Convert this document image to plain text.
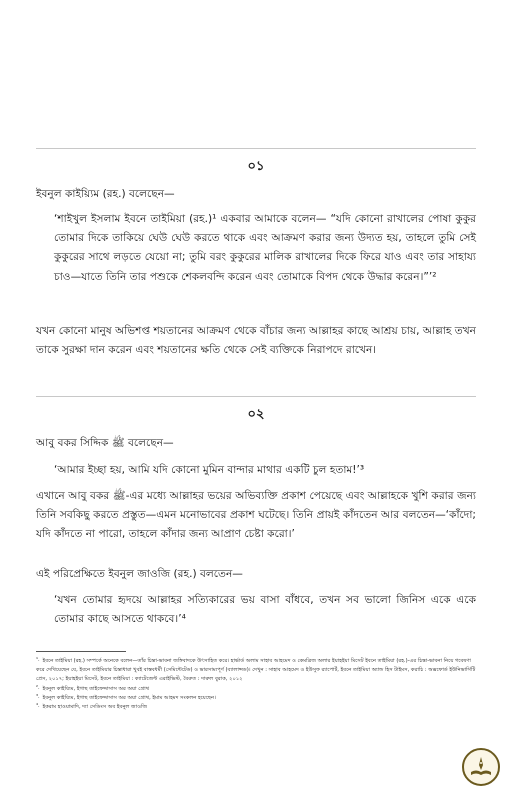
০১
ইবনুল কাইয়্যিম (রহ.) বলেছেন—

‘শাইখুল ইসলাম ইবনে তাইমিয়া (রহ.)¹ একবার আমাকে বলেন— “যদি কোনো রাখালের পোষা কুকুর তোমার দিকে তাকিয়ে ঘেউ ঘেউ করতে থাকে এবং আক্রমণ করার জন্য উদ্যত হয়, তাহলে তুমি সেই কুকুরের সাথে লড়তে যেয়ো না; তুমি বরং কুকুরের মালিক রাখালের দিকে ফিরে যাও এবং তার সাহায্য চাও—যাতে তিনি তার পশুকে শেকলবন্দি করেন এবং তোমাকে বিপদ থেকে উদ্ধার করেন।”’²

যখন কোনো মানুষ অভিশপ্ত শয়তানের আক্রমণ থেকে বাঁচার জন্য আল্লাহর কাছে আশ্রয় চায়, আল্লাহ তখন তাকে সুরক্ষা দান করেন এবং শয়তানের ক্ষতি থেকে সেই ব্যক্তিকে নিরাপদে রাখেন।

০২
আবু বকর সিদ্দিক ﷺ বলেছেন—

‘আমার ইচ্ছা হয়, আমি যদি কোনো মুমিন বান্দার মাথার একটি চুল হতাম!’³

এখানে আবু বকর ﷺ-এর মধ্যে আল্লাহর ভয়ের অভিব্যক্তি প্রকাশ পেয়েছে এবং আল্লাহকে খুশি করার জন্য তিনি সবকিছু করতে প্রস্তুত—এমন মনোভাবের প্রকাশ ঘটেছে। তিনি প্রায়ই কাঁদতেন আর বলতেন—‘কাঁদো; যদি কাঁদতে না পারো, তাহলে কাঁদার জন্য আপ্রাণ চেষ্টা করো।’

এই পরিপ্রেক্ষিতে ইবনুল জাওজি (রহ.) বলতেন—

‘যখন তোমার হৃদয়ে আল্লাহর সত্যিকারের ভয় বাসা বাঁধবে, তখন সব ভালো জিনিস একে একে তোমার কাছে আসতে থাকবে।’⁴

¹. ইবনে তাইমিয়া (রহ.) সম্পর্কে অনেকে বলেন—তাঁর চিন্তা-ভাবনা জঙ্গিবাদকে উৎসাহিত করে। হার্ভার্ড অলাম সাহাব আহমেদ ও কেমব্রিজ অলার ইয়াহইয়া মিসেট ইবনে তাইমিয়া (রহ.)-এর চিন্তা-ভাবনা নিয়ে গবেষণা করে দেখিয়েছেন যে, ইবনে তাইমিয়ার চিন্তাধারা খুবই বাস্তবধর্মী (সেমিন্টেটেড) ও ভারসাম্যপূর্ণ (ব্যালান্সড)। দেখুন : সাহাব আহমেদ ও ইউসুফ র‍্যাপোর্ট, ইবনে তাইমিয়া অ্যান্ড হিস টাইমস, করাচি : অক্সফোর্ড ইউনিভার্সিটি প্রেস, ২০১৭; ইয়াহইয়া মিসেট, ইবনে তাইমিয়া : ক্যাটেজেন্ট এরাইভিস্ট, বৈরুত : দারুল বুরাক, ২০১২

². ইবনুল কাইয়্যিম, ইগাছ তাইফেদ্দাসাস অর অয়া গ্রোথ

³. ইবনুল কাইয়্যিম, ইগাছ তাইফেদ্দাসাস অর অয়া গ্রোথ, ইমাম আহমদ সংকলন হয়েছেন।

⁴. ইকরাম হাওয়ামাদি, দ্যা সেডিংস অব ইবনুল জাওজি
